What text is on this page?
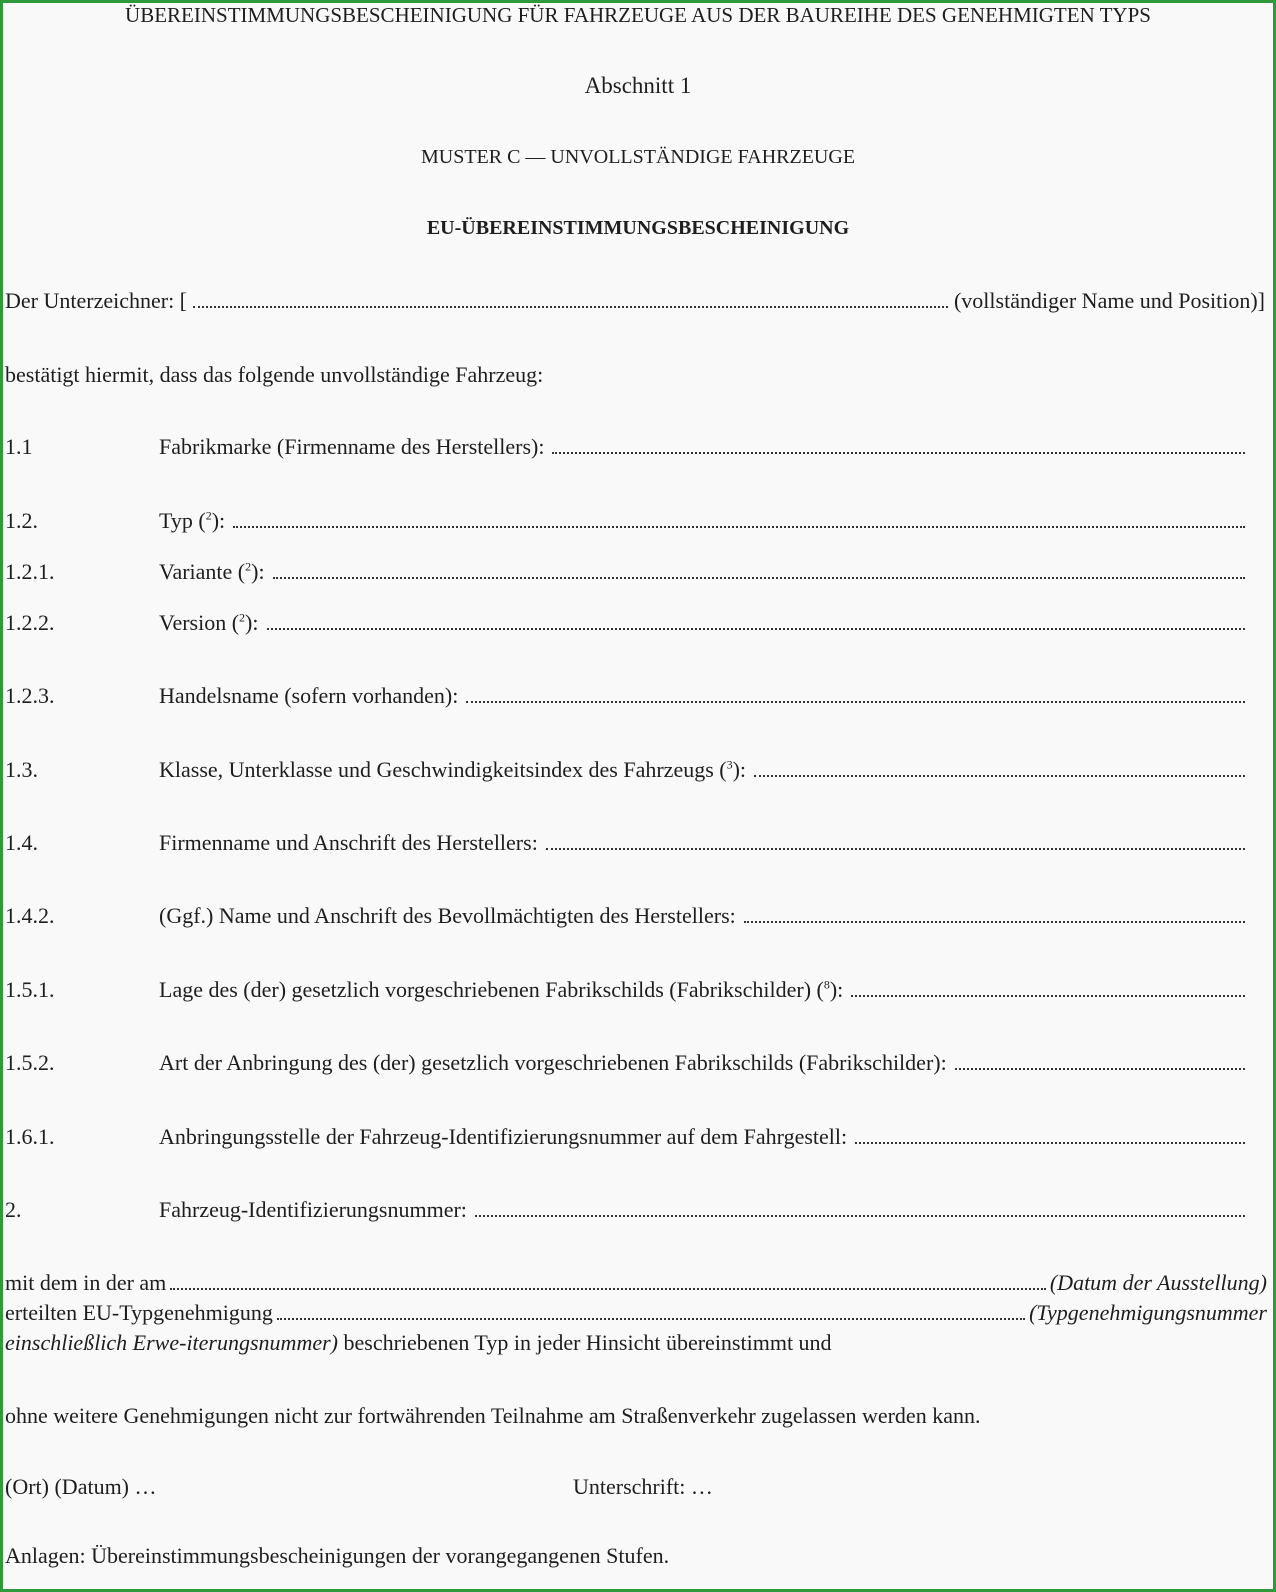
ÜBEREINSTIMMUNGSBESCHEINIGUNG FÜR FAHRZEUGE AUS DER BAUREIHE DES GENEHMIGTEN TYPS
Abschnitt 1
MUSTER C — UNVOLLSTÄNDIGE FAHRZEUGE
EU-ÜBEREINSTIMMUNGSBESCHEINIGUNG
Der Unterzeichner: [	(vollständiger Name und Position)]
bestätigt hiermit, dass das folgende unvollständige Fahrzeug:
1.1	Fabrikmarke (Firmenname des Herstellers):
1.2.	Typ ($^2$):
1.2.1.	Variante ($^2$):
1.2.2.	Version ($^2$):
1.2.3.	Handelsname (sofern vorhanden):
1.3.	Klasse, Unterklasse und Geschwindigkeitsindex des Fahrzeugs ($^3$):
1.4.	Firmenname und Anschrift des Herstellers:
1.4.2.	(Ggf.) Name und Anschrift des Bevollmächtigten des Herstellers:
1.5.1.	Lage des (der) gesetzlich vorgeschriebenen Fabrikschilds (Fabrikschilder) ($^8$):
1.5.2.	Art der Anbringung des (der) gesetzlich vorgeschriebenen Fabrikschilds (Fabrikschilder):
1.6.1.	Anbringungsstelle der Fahrzeug-Identifizierungsnummer auf dem Fahrgestell:
2.	Fahrzeug-Identifizierungsnummer:
mit dem in der am	(Datum der Ausstellung)
erteilten EU-Typgenehmigung	(Typgenehmigungsnummer
einschließlich Erwe-iterungsnummer) beschriebenen Typ in jeder Hinsicht übereinstimmt und
ohne weitere Genehmigungen nicht zur fortwährenden Teilnahme am Straßenverkehr zugelassen werden kann.
(Ort) (Datum) …	Unterschrift: …
Anlagen: Übereinstimmungsbescheinigungen der vorangegangenen Stufen.
